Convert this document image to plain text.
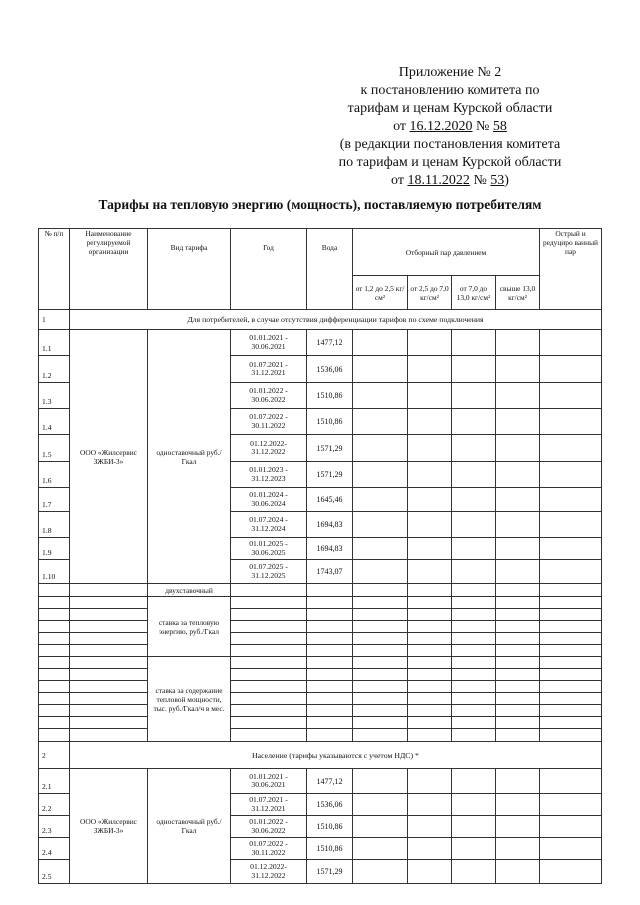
Приложение № 2
к постановлению комитета по
тарифам и ценам Курской области
от 16.12.2020 № 58
(в редакции постановления комитета
по тарифам и ценам Курской области
от 18.11.2022 № 53)
Тарифы на тепловую энергию (мощность), поставляемую потребителям
№ п/п	Наименование регулируемой организации	Вид тарифа	Год	Вода	Отборный пар давлением				Острый и редуциро ванный пар
					от 1,2 до 2,5 кг/см²	от 2,5 до 7,0 кг/см²	от 7,0 до 13,0 кг/см²	свыше 13,0 кг/см²	
1	Для потребителей, в случае отсутствия дифференциации тарифов по схеме подключения								
1.1	ООО «Жилсервис ЗЖБИ-3»	одноставочный руб./Гкал	01.01.2021 - 30.06.2021	1477,12					
1.2			01.07.2021 - 31.12.2021	1536,06					
1.3			01.01.2022 - 30.06.2022	1510,86					
1.4			01.07.2022 - 30.11.2022	1510,86					
1.5			01.12.2022- 31.12.2022	1571,29					
1.6			01.01.2023 - 31.12.2023	1571,29					
1.7			01.01.2024 - 30.06.2024	1645,46					
1.8			01.07.2024 - 31.12.2024	1694,83					
1.9			01.01.2025 - 30.06.2025	1694,83					
1.10			01.07.2025 - 31.12.2025	1743,07					
		двухставочный							
		ставка за тепловую энергию, руб./Гкал							

		ставка за содержание тепловой мощности, тыс. руб./Гкал/ч в мес.							

2	Население (тарифы указываются с учетом НДС) *								
2.1	ООО «Жилсервис ЗЖБИ-3»	одноставочный руб./Гкал	01.01.2021 - 30.06.2021	1477,12					
2.2			01.07.2021 - 31.12.2021	1536,06					
2.3			01.01.2022 - 30.06.2022	1510,86					
2.4			01.07.2022 - 30.11.2022	1510,86					
2.5			01.12.2022- 31.12.2022	1571,29					
